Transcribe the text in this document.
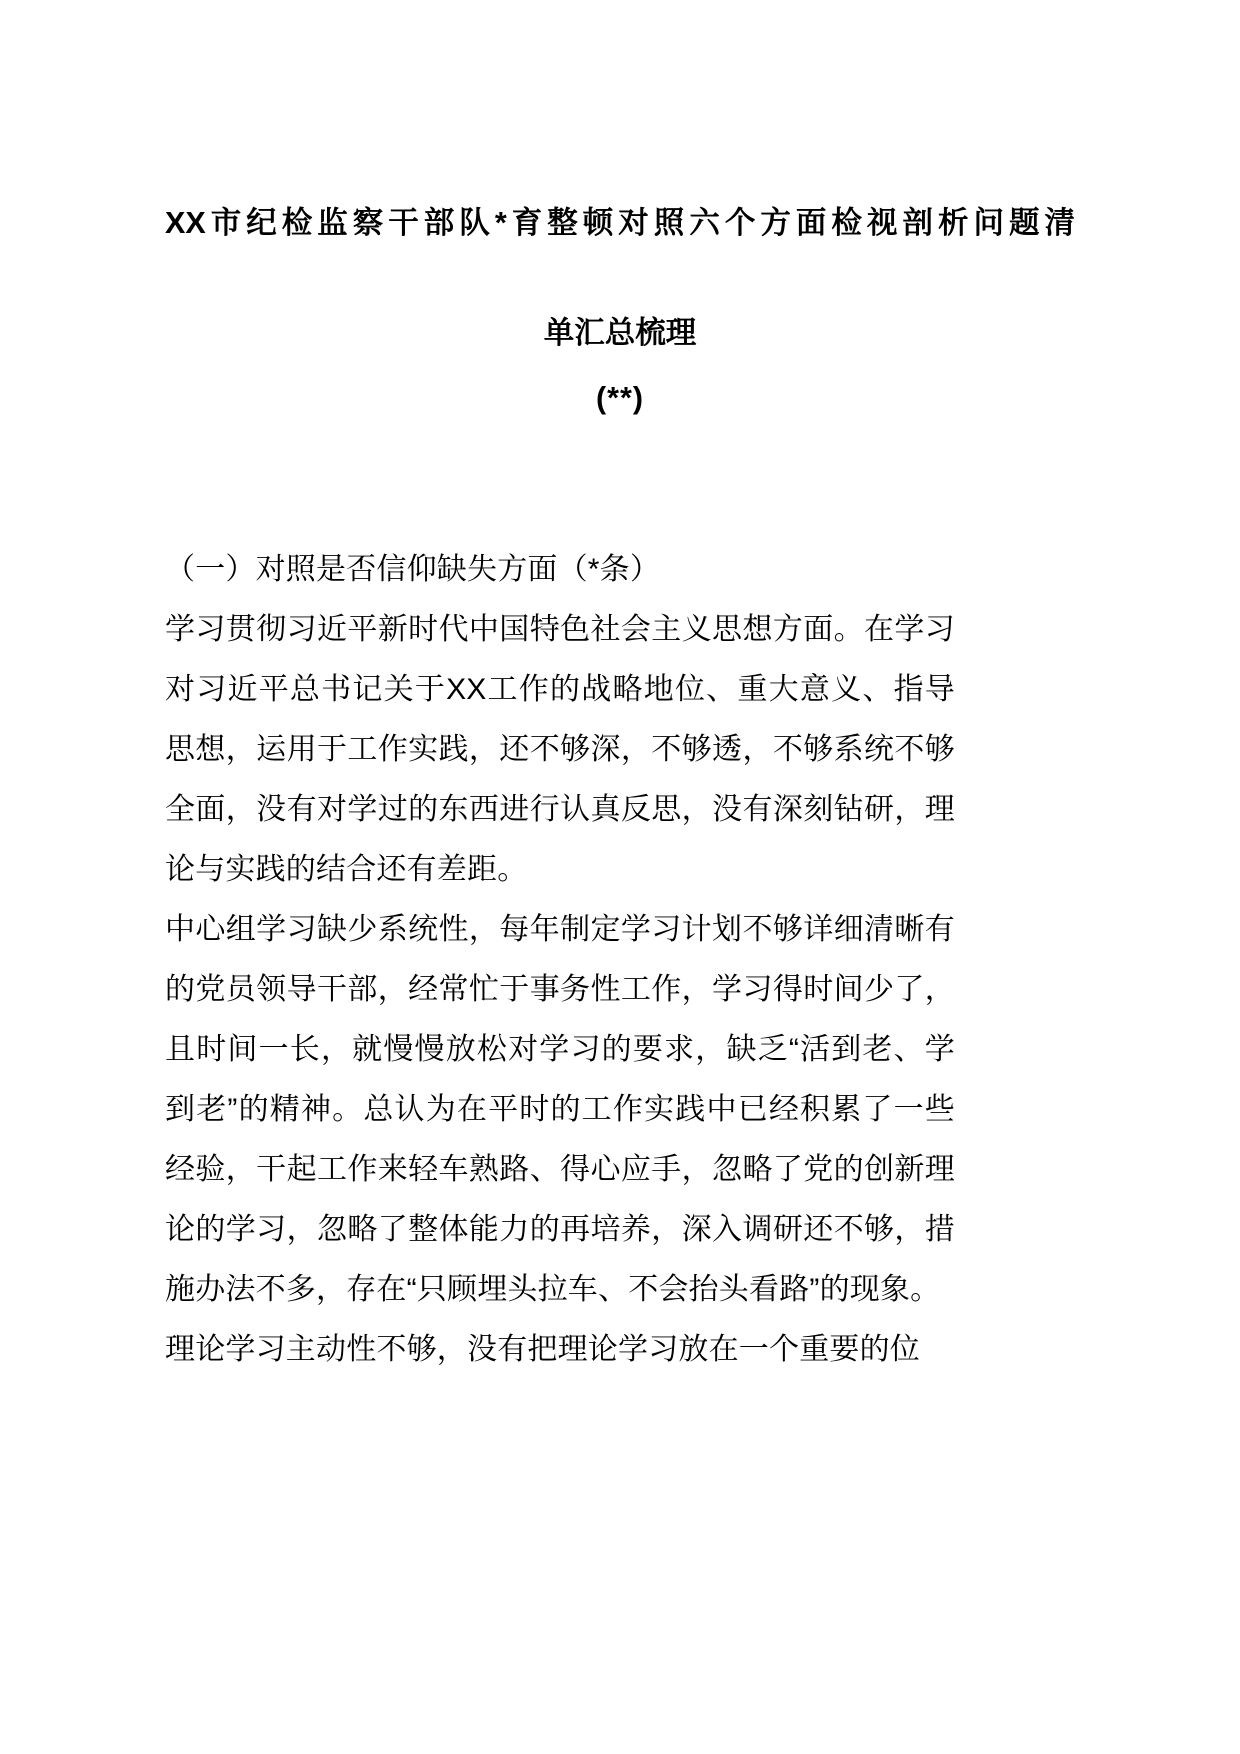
XX市纪检监察干部队*育整顿对照六个方面检视剖析问题清
单汇总梳理
(**)

（一）对照是否信仰缺失方面（*条）

学习贯彻习近平新时代中国特色社会主义思想方面。在学习对习近平总书记关于XX工作的战略地位、重大意义、指导思想，运用于工作实践，还不够深，不够透，不够系统不够全面，没有对学过的东西进行认真反思，没有深刻钻研，理论与实践的结合还有差距。

中心组学习缺少系统性，每年制定学习计划不够详细清晰有的党员领导干部，经常忙于事务性工作，学习得时间少了，且时间一长，就慢慢放松对学习的要求，缺乏“活到老、学到老”的精神。总认为在平时的工作实践中已经积累了一些经验，干起工作来轻车熟路、得心应手，忽略了党的创新理论的学习，忽略了整体能力的再培养，深入调研还不够，措施办法不多，存在“只顾埋头拉车、不会抬头看路”的现象。

理论学习主动性不够，没有把理论学习放在一个重要的位
